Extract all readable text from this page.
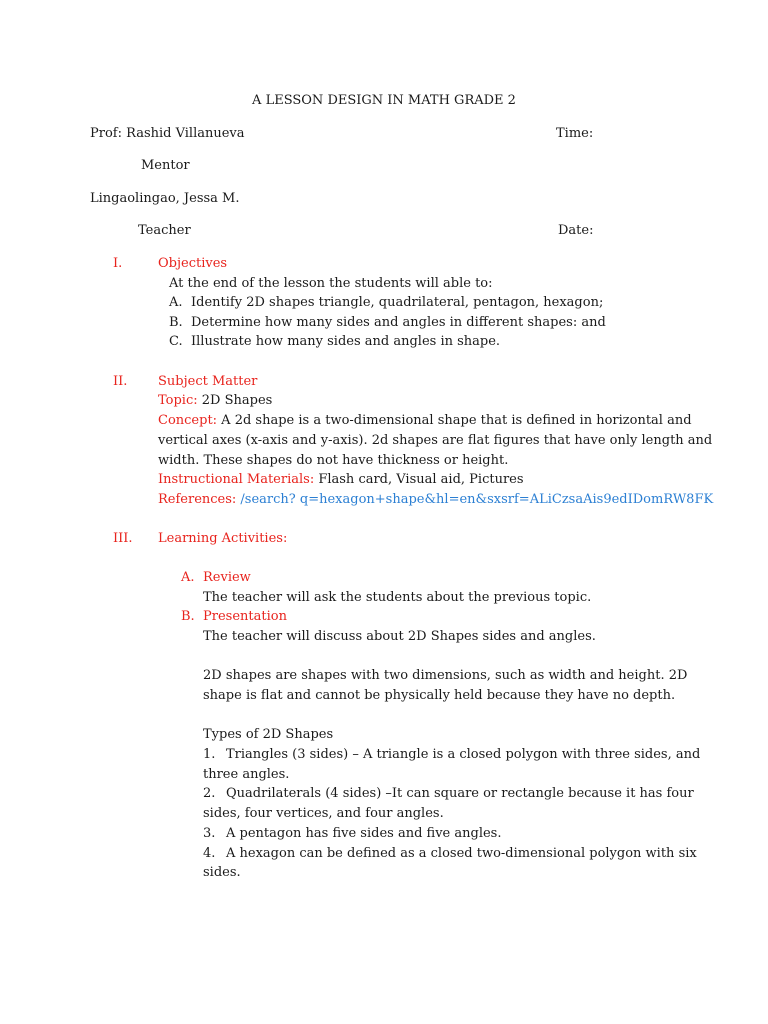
A LESSON DESIGN IN MATH GRADE 2
Prof: Rashid Villanueva	Time:
Mentor
Lingaolingao, Jessa M.
Teacher	Date:
I.	Objectives
At the end of the lesson the students will able to:
A. Identify 2D shapes triangle, quadrilateral, pentagon, hexagon;
B. Determine how many sides and angles in different shapes: and
C. Illustrate how many sides and angles in shape.
II. Subject Matter
Topic: 2D Shapes
Concept: A 2d shape is a two-dimensional shape that is defined in horizontal and
vertical axes (x-axis and y-axis). 2d shapes are flat figures that have only length and
width. These shapes do not have thickness or height.
Instructional Materials: Flash card, Visual aid, Pictures
References: /search? q=hexagon+shape&hl=en&sxsrf=ALiCzsaAis9edIDomRW8FK
III. Learning Activities:
A. Review
The teacher will ask the students about the previous topic.
B. Presentation
The teacher will discuss about 2D Shapes sides and angles.
2D shapes are shapes with two dimensions, such as width and height. 2D
shape is flat and cannot be physically held because they have no depth.
Types of 2D Shapes
1. Triangles (3 sides) – A triangle is a closed polygon with three sides, and
three angles.
2. Quadrilaterals (4 sides) –It can square or rectangle because it has four
sides, four vertices, and four angles.
3. A pentagon has five sides and five angles.
4. A hexagon can be defined as a closed two-dimensional polygon with six
sides.
